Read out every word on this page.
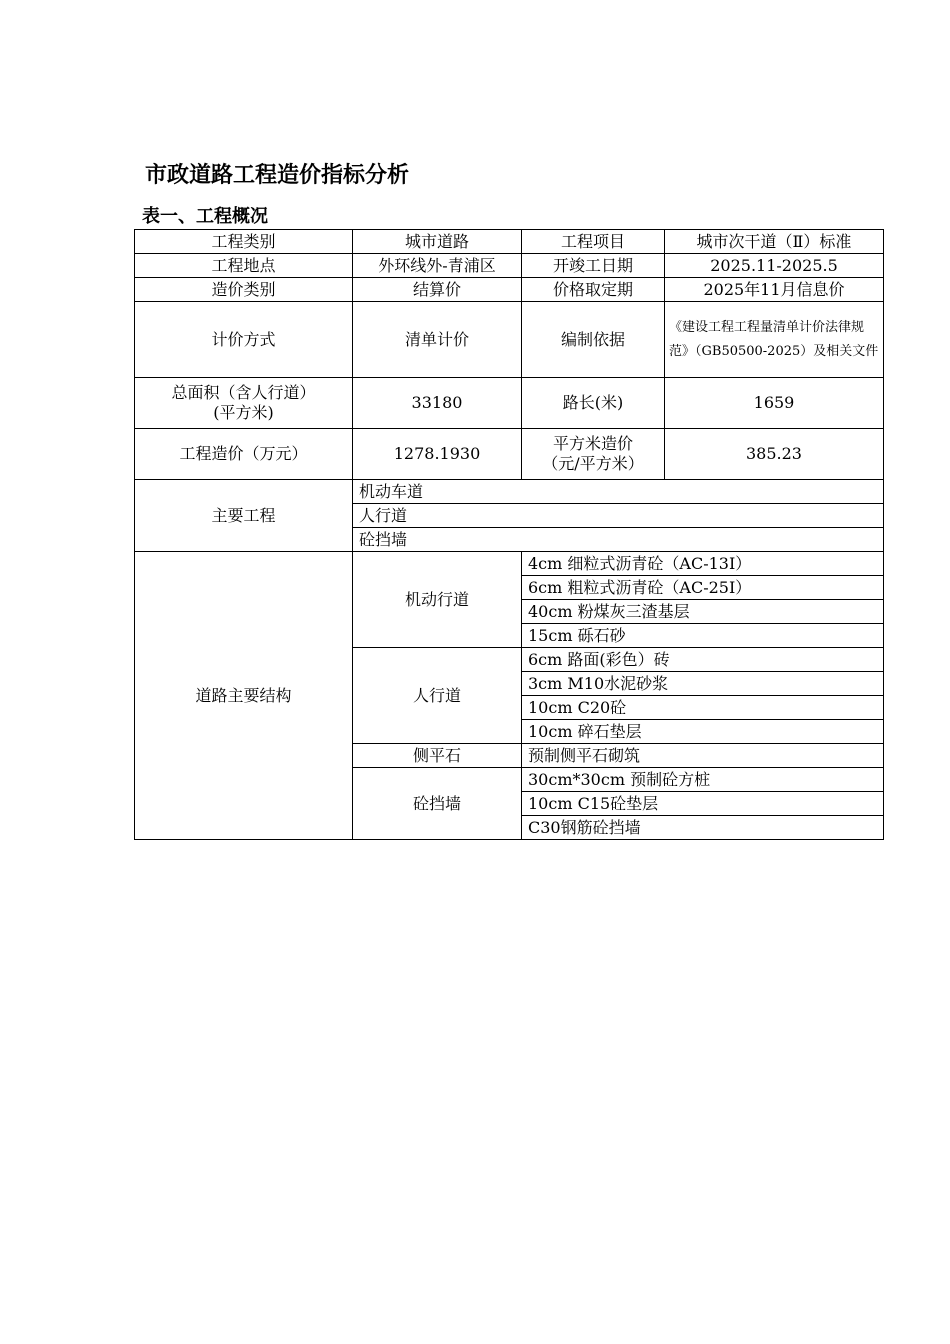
市政道路工程造价指标分析
表一、工程概况
工程类别	城市道路	工程项目	城市次干道（Ⅱ）标准
工程地点	外环线外-青浦区	开竣工日期	2025.11-2025.5
造价类别	结算价	价格取定期	2025年11月信息价
计价方式	清单计价	编制依据	《建设工程工程量清单计价法律规范》（GB50500-2025）及相关文件

总面积（含人行道）(平方米)	33180	路长(米)	1659
工程造价（万元）	1278.1930	平方米造价（元/平方米）	385.23
主要工程	机动车道		
	人行道		
	砼挡墙		
道路主要结构	机动行道	4cm 细粒式沥青砼（AC-13I）	
		6cm 粗粒式沥青砼（AC-25I）	
		40cm 粉煤灰三渣基层	
		15cm 砾石砂	
	人行道	6cm 路面(彩色）砖	
		3cm M10水泥砂浆	
		10cm C20砼	
		10cm 碎石垫层	
	侧平石	预制侧平石砌筑	
	砼挡墙	30cm*30cm 预制砼方桩	
		10cm C15砼垫层	
		C30钢筋砼挡墙	
